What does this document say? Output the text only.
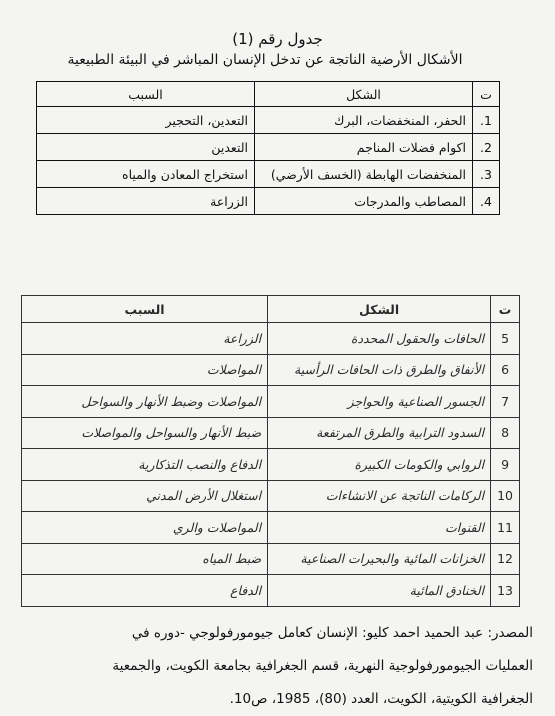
جدول رقم (1)
الأشكال الأرضية الناتجة عن تدخل الإنسان المباشر في البيئة الطبيعية
ت	الشكل	السبب
1.	الحفر، المنخفضات، البرك	التعدين، التحجير
2.	اكوام فضلات المناجم	التعدين
3.	المنخفضات الهابطة (الخسف الأرضي)	استخراج المعادن والمياه
4.	المصاطب والمدرجات	الزراعة
ت	الشكل	السبب
5	الحافات والحقول المحددة	الزراعة
6	الأنفاق والطرق ذات الحافات الرأسية	المواصلات
7	الجسور الصناعية والحواجز	المواصلات وضبط الأنهار والسواحل
8	السدود الترابية والطرق المرتفعة	ضبط الأنهار والسواحل والمواصلات
9	الروابي والكومات الكبيرة	الدفاع والنصب التذكارية
10	الركامات الناتجة عن الانشاءات	استغلال الأرض المدني
11	القنوات	المواصلات والري
12	الخزانات المائية والبحيرات الصناعية	ضبط المياه
13	الخنادق المائية	الدفاع
المصدر: عبد الحميد احمد كليو: الإنسان كعامل جيومورفولوجي -دوره في
العمليات الجيومورفولوجية النهرية، قسم الجغرافية بجامعة الكويت، والجمعية
الجغرافية الكويتية، الكويت، العدد (80)، 1985، ص10.
